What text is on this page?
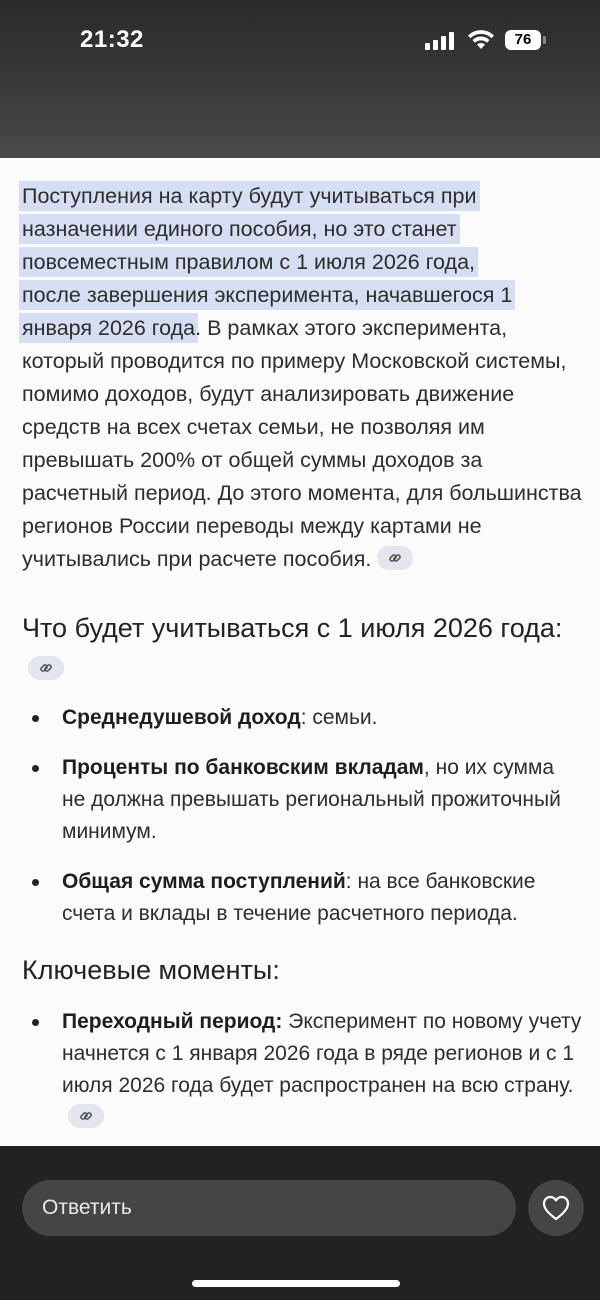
21:32	76
Поступления на карту будут учитываться при
назначении единого пособия, но это станет
повсеместным правилом с 1 июля 2026 года,
после завершения эксперимента, начавшегося 1
января 2026 года. В рамках этого эксперимента, который проводится по примеру Московской системы, помимо доходов, будут анализировать движение средств на всех счетах семьи, не позволяя им превышать 200% от общей суммы доходов за расчетный период. До этого момента, для большинства регионов России переводы между картами не учитывались при расчете пособия.
Что будет учитываться с 1 июля 2026 года:
Среднедушевой доход: семьи.
Проценты по банковским вкладам, но их сумма не должна превышать региональный прожиточный минимум.
Общая сумма поступлений: на все банковские счета и вклады в течение расчетного периода.
Ключевые моменты:
Переходный период: Эксперимент по новому учету начнется с 1 января 2026 года в ряде регионов и с 1 июля 2026 года будет распространен на всю страну.
Ответить
